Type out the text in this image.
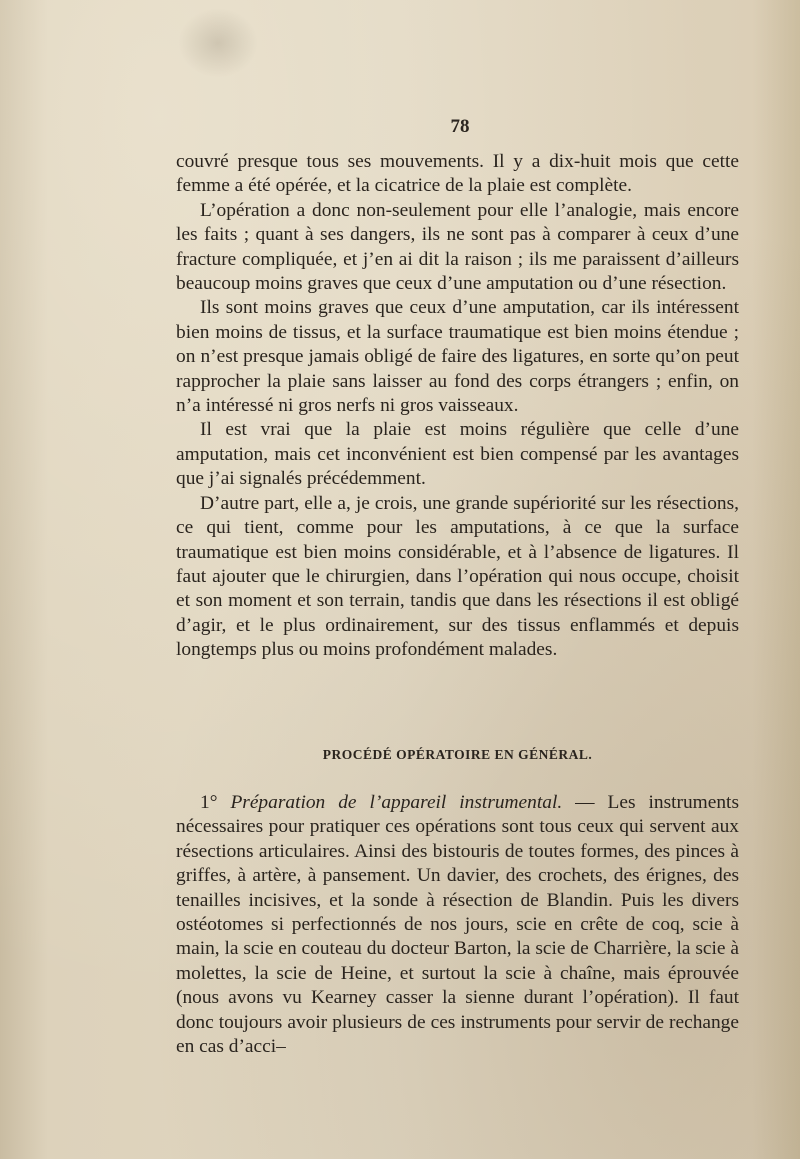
78

couvré presque tous ses mouvements. Il y a dix-huit mois que cette femme a été opérée, et la cicatrice de la plaie est complète.

L’opération a donc non-seulement pour elle l’analogie, mais encore les faits ; quant à ses dangers, ils ne sont pas à comparer à ceux d’une fracture compliquée, et j’en ai dit la raison ; ils me paraissent d’ailleurs beaucoup moins graves que ceux d’une amputation ou d’une résection.

Ils sont moins graves que ceux d’une amputation, car ils intéressent bien moins de tissus, et la surface traumatique est bien moins étendue ; on n’est presque jamais obligé de faire des ligatures, en sorte qu’on peut rapprocher la plaie sans laisser au fond des corps étrangers ; enfin, on n’a intéressé ni gros nerfs ni gros vaisseaux.

Il est vrai que la plaie est moins régulière que celle d’une amputation, mais cet inconvénient est bien compensé par les avantages que j’ai signalés précédemment.

D’autre part, elle a, je crois, une grande supériorité sur les résections, ce qui tient, comme pour les amputations, à ce que la surface traumatique est bien moins considérable, et à l’absence de ligatures. Il faut ajouter que le chirurgien, dans l’opération qui nous occupe, choisit et son moment et son terrain, tandis que dans les résections il est obligé d’agir, et le plus ordinairement, sur des tissus enflammés et depuis longtemps plus ou moins profondément malades.

PROCÉDÉ OPÉRATOIRE EN GÉNÉRAL.

1° Préparation de l’appareil instrumental. — Les instruments nécessaires pour pratiquer ces opérations sont tous ceux qui servent aux résections articulaires. Ainsi des bistouris de toutes formes, des pinces à griffes, à artère, à pansement. Un davier, des crochets, des érignes, des tenailles incisives, et la sonde à résection de Blandin. Puis les divers ostéotomes si perfectionnés de nos jours, scie en crête de coq, scie à main, la scie en couteau du docteur Barton, la scie de Charrière, la scie à molettes, la scie de Heine, et surtout la scie à chaîne, mais éprouvée (nous avons vu Kearney casser la sienne durant l’opération). Il faut donc toujours avoir plusieurs de ces instruments pour servir de rechange en cas d’acci–
